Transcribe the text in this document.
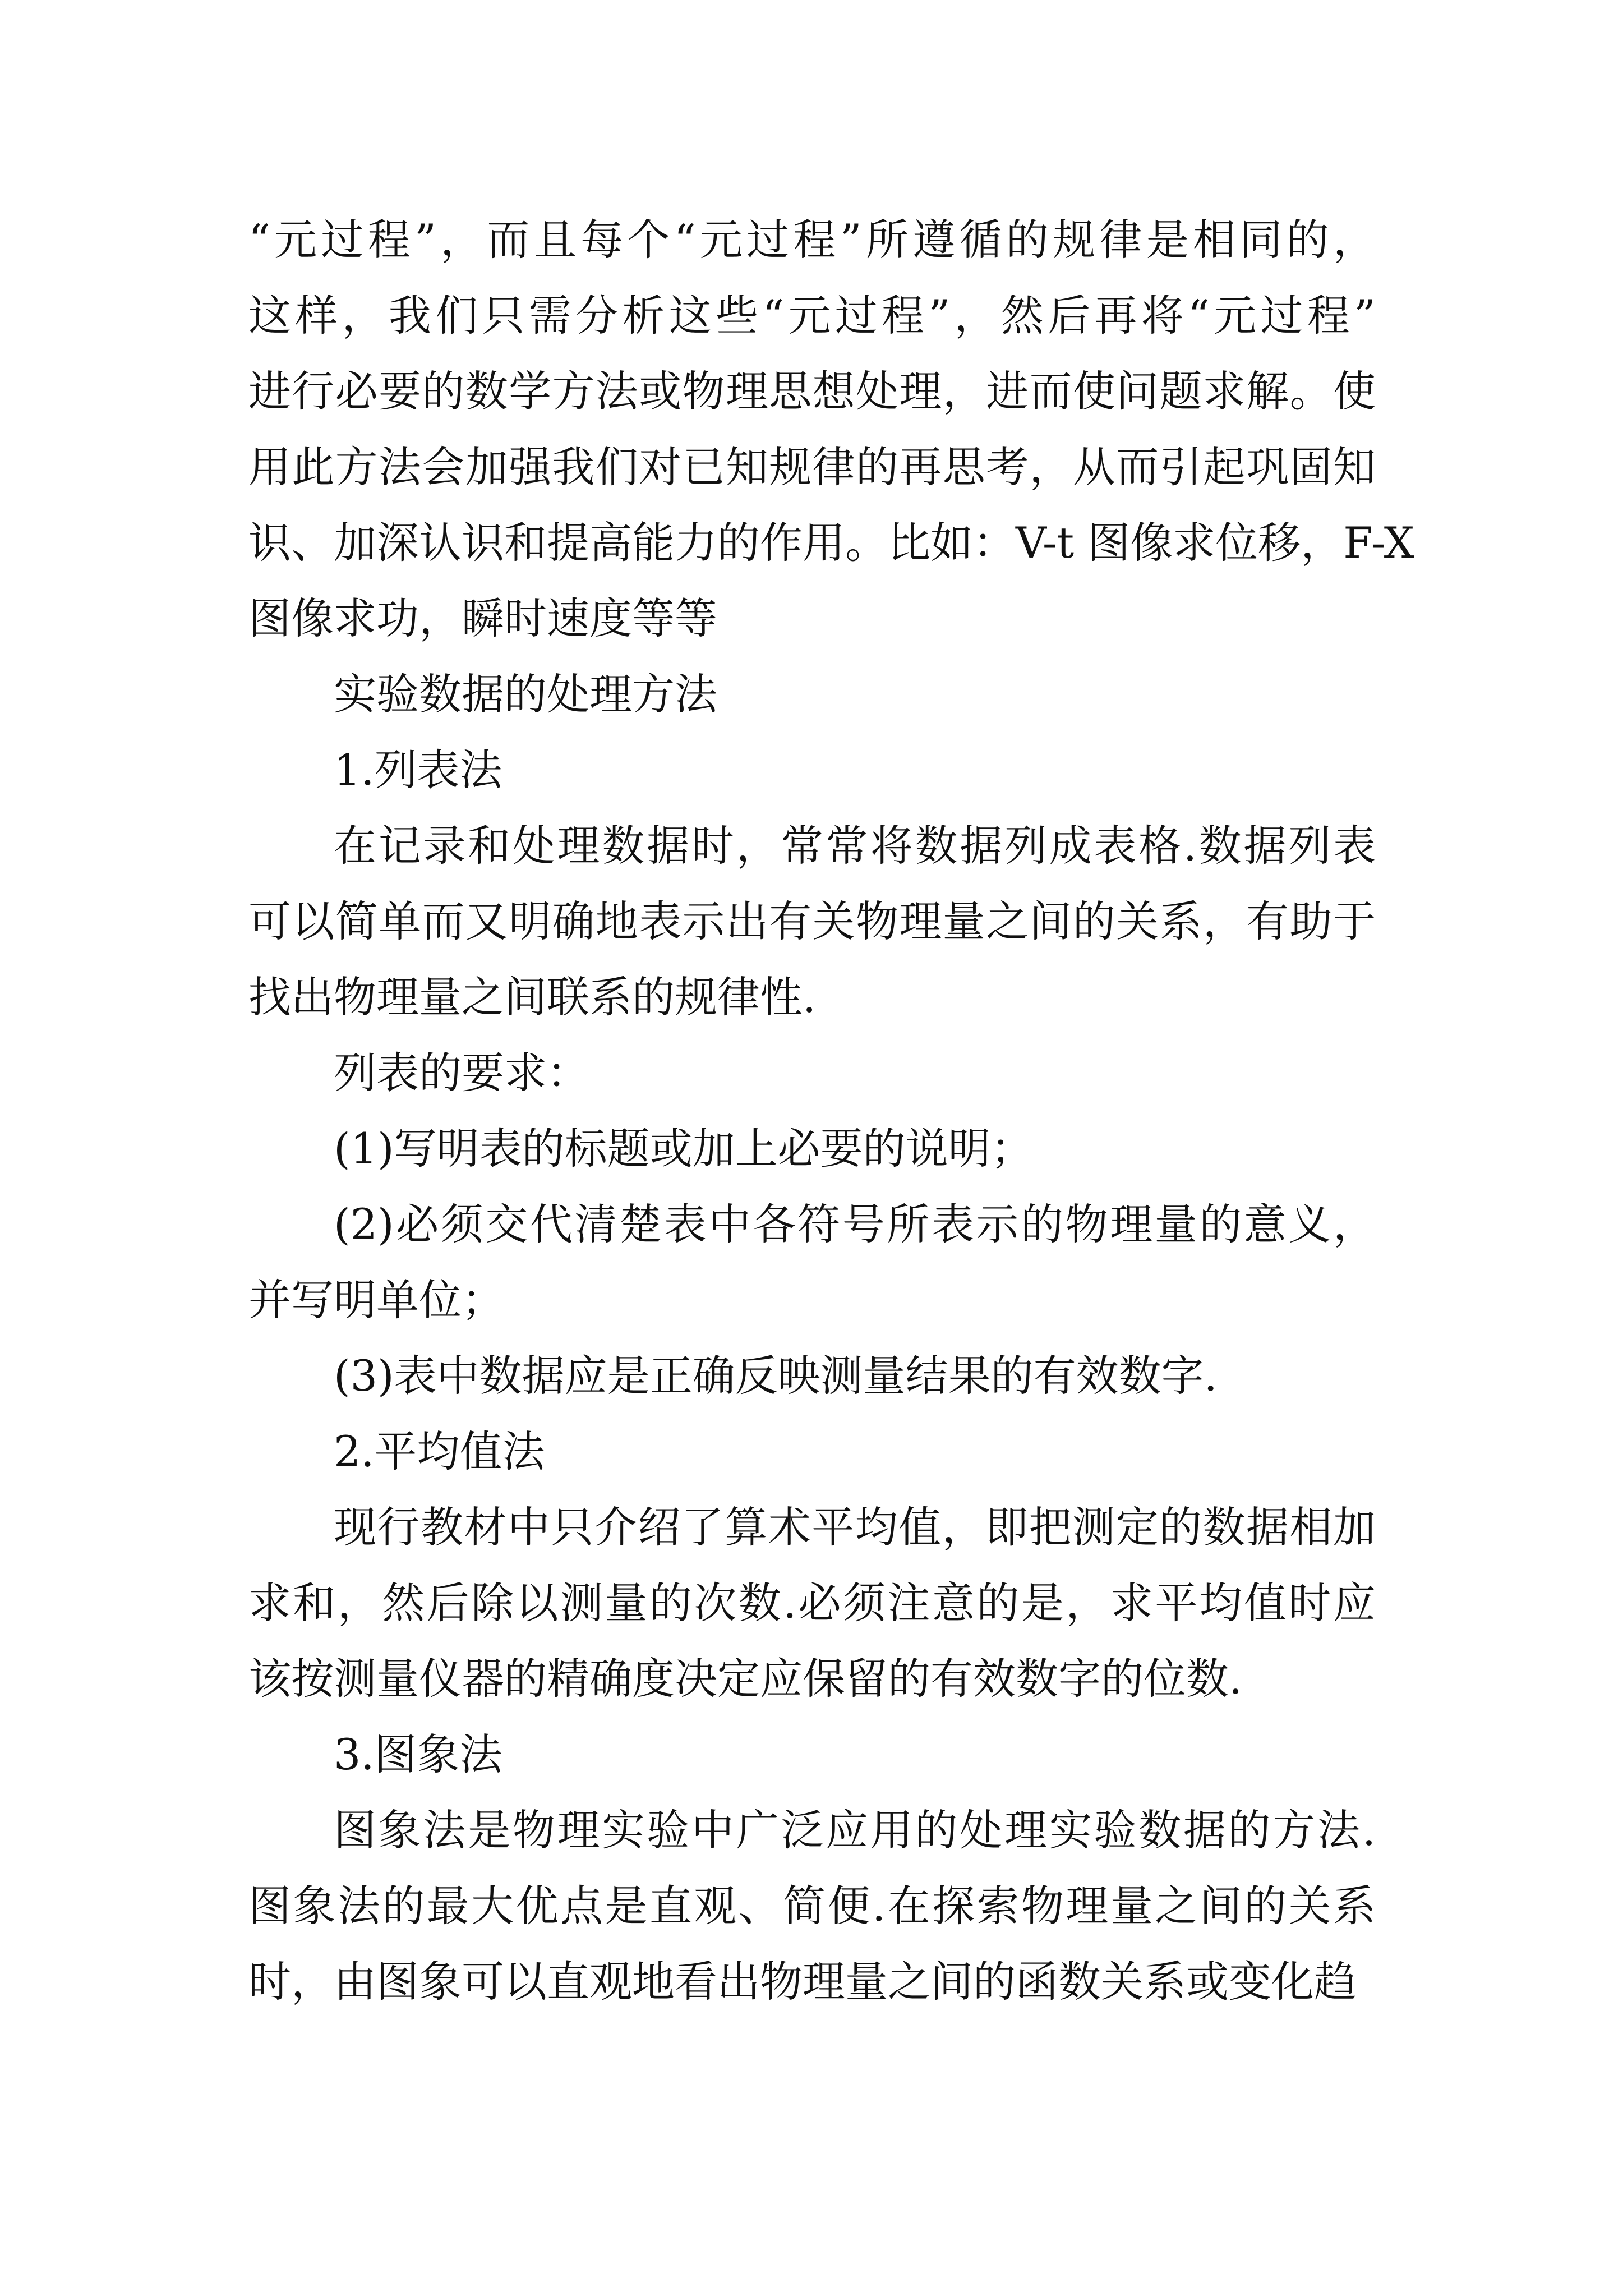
“元过程”，而且每个“元过程”所遵循的规律是相同的，
这样，我们只需分析这些“元过程”，然后再将“元过程”
进行必要的数学方法或物理思想处理，进而使问题求解。使
用此方法会加强我们对已知规律的再思考，从而引起巩固知
识、加深认识和提高能力的作用。比如：V-t 图像求位移，F-X
图像求功，瞬时速度等等
实验数据的处理方法
1.列表法
在记录和处理数据时，常常将数据列成表格.数据列表
可以简单而又明确地表示出有关物理量之间的关系，有助于
找出物理量之间联系的规律性.
列表的要求：
(1)写明表的标题或加上必要的说明；
(2)必须交代清楚表中各符号所表示的物理量的意义，
并写明单位；
(3)表中数据应是正确反映测量结果的有效数字.
2.平均值法
现行教材中只介绍了算术平均值，即把测定的数据相加
求和，然后除以测量的次数.必须注意的是，求平均值时应
该按测量仪器的精确度决定应保留的有效数字的位数.
3.图象法
图象法是物理实验中广泛应用的处理实验数据的方法.
图象法的最大优点是直观、简便.在探索物理量之间的关系
时，由图象可以直观地看出物理量之间的函数关系或变化趋
